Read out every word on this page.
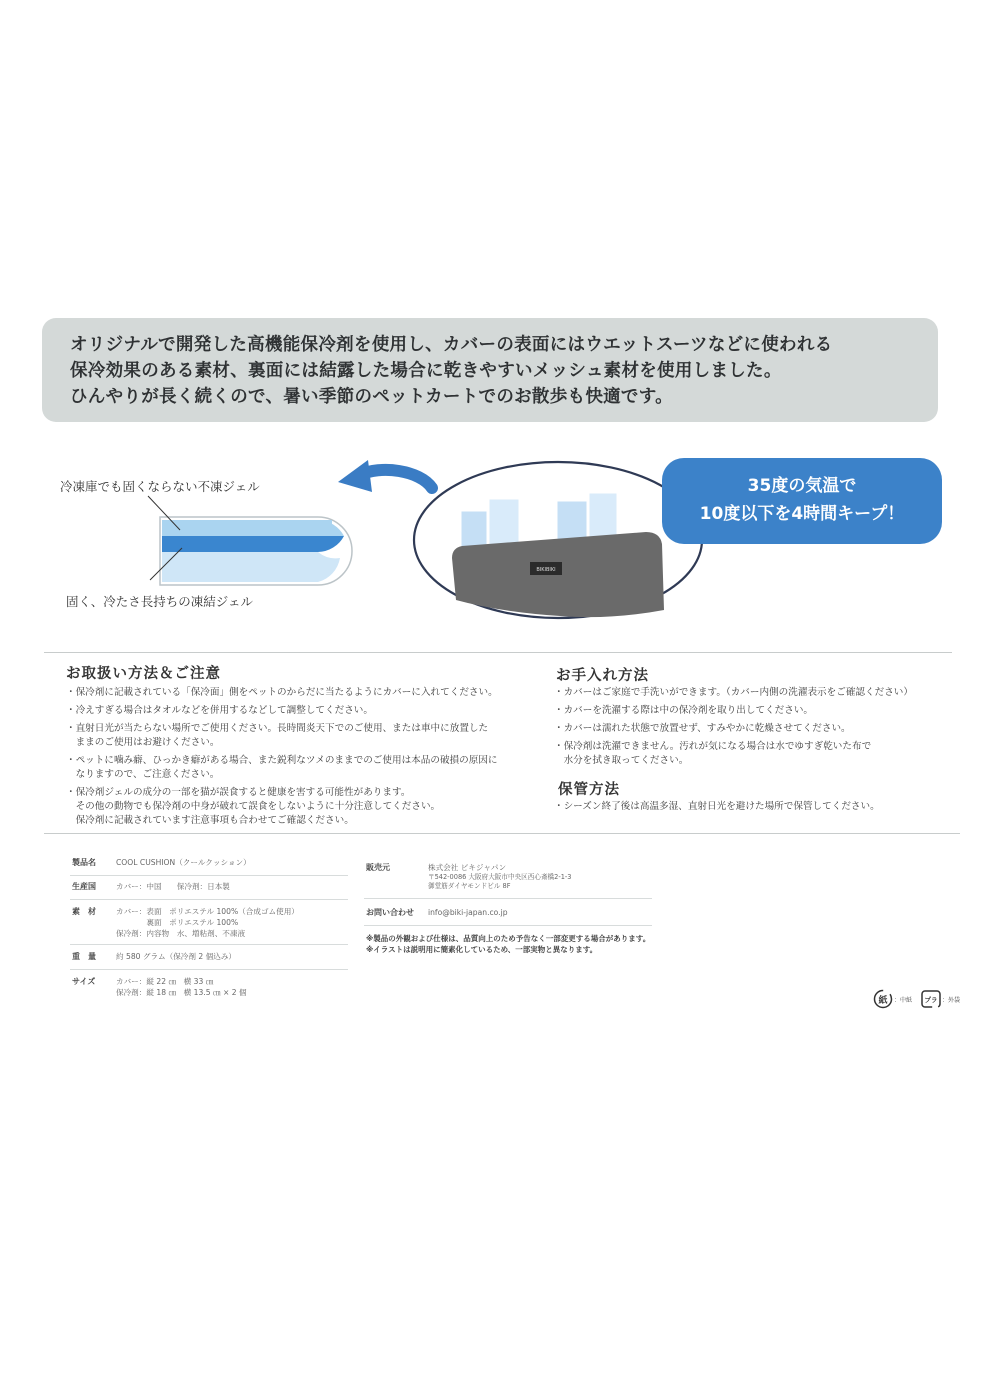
オリジナルで開発した高機能保冷剤を使用し、カバーの表面にはウエットスーツなどに使われる

保冷効果のある素材、裏面には結露した場合に乾きやすいメッシュ素材を使用しました。

ひんやりが長く続くので、暑い季節のペットカートでのお散歩も快適です。

冷凍庫でも固くならない不凍ジェル
固く、冷たさ長持ちの凍結ジェル
BIKIBIKI
35度の気温で
10度以下を4時間キープ！
お取扱い方法＆ご注意
・保冷剤に記載されている「保冷面」側をペットのからだに当たるようにカバーに入れてください。
・冷えすぎる場合はタオルなどを併用するなどして調整してください。
・直射日光が当たらない場所でご使用ください。長時間炎天下でのご使用、または車中に放置した
　ままのご使用はお避けください。
・ペットに噛み癖、ひっかき癖がある場合、また鋭利なツメのままでのご使用は本品の破損の原因に
　なりますので、ご注意ください。
・保冷剤ジェルの成分の一部を猫が誤食すると健康を害する可能性があります。
　その他の動物でも保冷剤の中身が破れて誤食をしないように十分注意してください。
　保冷剤に記載されています注意事項も合わせてご確認ください。
お手入れ方法
・カバーはご家庭で手洗いができます。（カバー内側の洗濯表示をご確認ください）
・カバーを洗濯する際は中の保冷剤を取り出してください。
・カバーは濡れた状態で放置せず、すみやかに乾燥させてください。
・保冷剤は洗濯できません。汚れが気になる場合は水でゆすぎ乾いた布で
　水分を拭き取ってください。
保管方法
・シーズン終了後は高温多湿、直射日光を避けた場所で保管してください。
製品名	COOL CUSHION（クールクッション）
生産国	カバー：中国　　保冷剤：日本製
素　材	カバー：表面　ポリエステル 100%（合成ゴム使用）
　　　　裏面　ポリエステル 100%
保冷剤：内容物　水、増粘剤、不凍液
重　量	約 580 グラム（保冷剤 2 個込み）
サイズ	カバー：縦 22 ㎝　横 33 ㎝
保冷剤：縦 18 ㎝　横 13.5 ㎝ × 2 個
販売元	株式会社 ビキジャパン
〒542-0086 大阪府大阪市中央区西心斎橋2-1-3
御堂筋ダイヤモンドビル 8F
お問い合わせ info@biki-japan.co.jp
※製品の外観および仕様は、品質向上のため予告なく一部変更する場合があります。
※イラストは説明用に簡素化しているため、一部実物と異なります。
紙 ：中紙 プラ ：外袋
